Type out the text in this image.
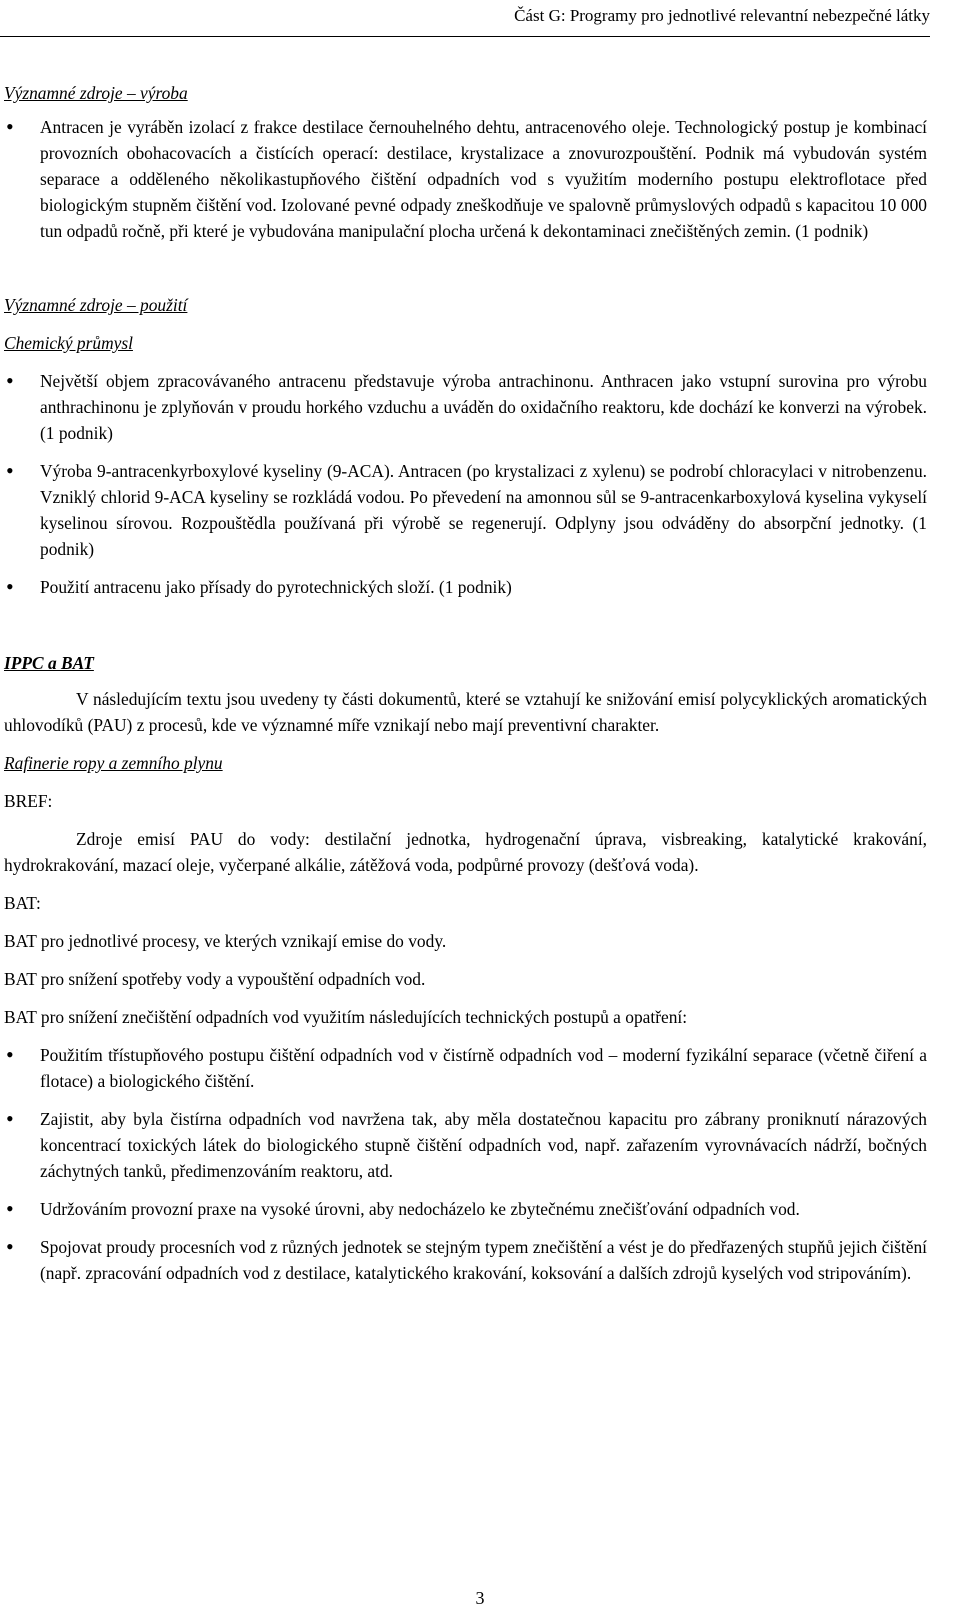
Část G: Programy pro jednotlivé relevantní nebezpečné látky

Významné zdroje – výroba

• Antracen je vyráběn izolací z frakce destilace černouhelného dehtu, antracenového oleje. Technologický postup je kombinací provozních obohacovacích a čistících operací: destilace, krystalizace a znovurozpouštění. Podnik má vybudován systém separace a odděleného několikastupňového čištění odpadních vod s využitím moderního postupu elektroflotace před biologickým stupněm čištění vod. Izolované pevné odpady zneškodňuje ve spalovně průmyslových odpadů s kapacitou 10 000 tun odpadů ročně, při které je vybudována manipulační plocha určená k dekontaminaci znečištěných zemin. (1 podnik)

Významné zdroje – použití

Chemický průmysl

• Největší objem zpracovávaného antracenu představuje výroba antrachinonu. Anthracen jako vstupní surovina pro výrobu anthrachinonu je zplyňován v proudu horkého vzduchu a uváděn do oxidačního reaktoru, kde dochází ke konverzi na výrobek. (1 podnik)
• Výroba 9-antracenkyrboxylové kyseliny (9-ACA). Antracen (po krystalizaci z xylenu) se podrobí chloracylaci v nitrobenzenu. Vzniklý chlorid 9-ACA kyseliny se rozkládá vodou. Po převedení na amonnou sůl se 9-antracenkarboxylová kyselina vykyselí kyselinou sírovou. Rozpouštědla používaná při výrobě se regenerují. Odplyny jsou odváděny do absorpční jednotky. (1 podnik)
• Použití antracenu jako přísady do pyrotechnických složí. (1 podnik)

IPPC a BAT

V následujícím textu jsou uvedeny ty části dokumentů, které se vztahují ke snižování emisí polycyklických aromatických uhlovodíků (PAU) z procesů, kde ve významné míře vznikají nebo mají preventivní charakter.

Rafinerie ropy a zemního plynu

BREF:

Zdroje emisí PAU do vody: destilační jednotka, hydrogenační úprava, visbreaking, katalytické krakování, hydrokrakování, mazací oleje, vyčerpané alkálie, zátěžová voda, podpůrné provozy (dešťová voda).

BAT:

BAT pro jednotlivé procesy, ve kterých vznikají emise do vody.

BAT pro snížení spotřeby vody a vypouštění odpadních vod.

BAT pro snížení znečištění odpadních vod využitím následujících technických postupů a opatření:

• Použitím třístupňového postupu čištění odpadních vod v čistírně odpadních vod – moderní fyzikální separace (včetně čiření a flotace) a biologického čištění.
• Zajistit, aby byla čistírna odpadních vod navržena tak, aby měla dostatečnou kapacitu pro zábrany proniknutí nárazových koncentrací toxických látek do biologického stupně čištění odpadních vod, např. zařazením vyrovnávacích nádrží, bočných záchytných tanků, předimenzováním reaktoru, atd.
• Udržováním provozní praxe na vysoké úrovni, aby nedocházelo ke zbytečnému znečišťování odpadních vod.
• Spojovat proudy procesních vod z různých jednotek se stejným typem znečištění a vést je do předřazených stupňů jejich čištění (např. zpracování odpadních vod z destilace, katalytického krakování, koksování a dalších zdrojů kyselých vod stripováním).
3
